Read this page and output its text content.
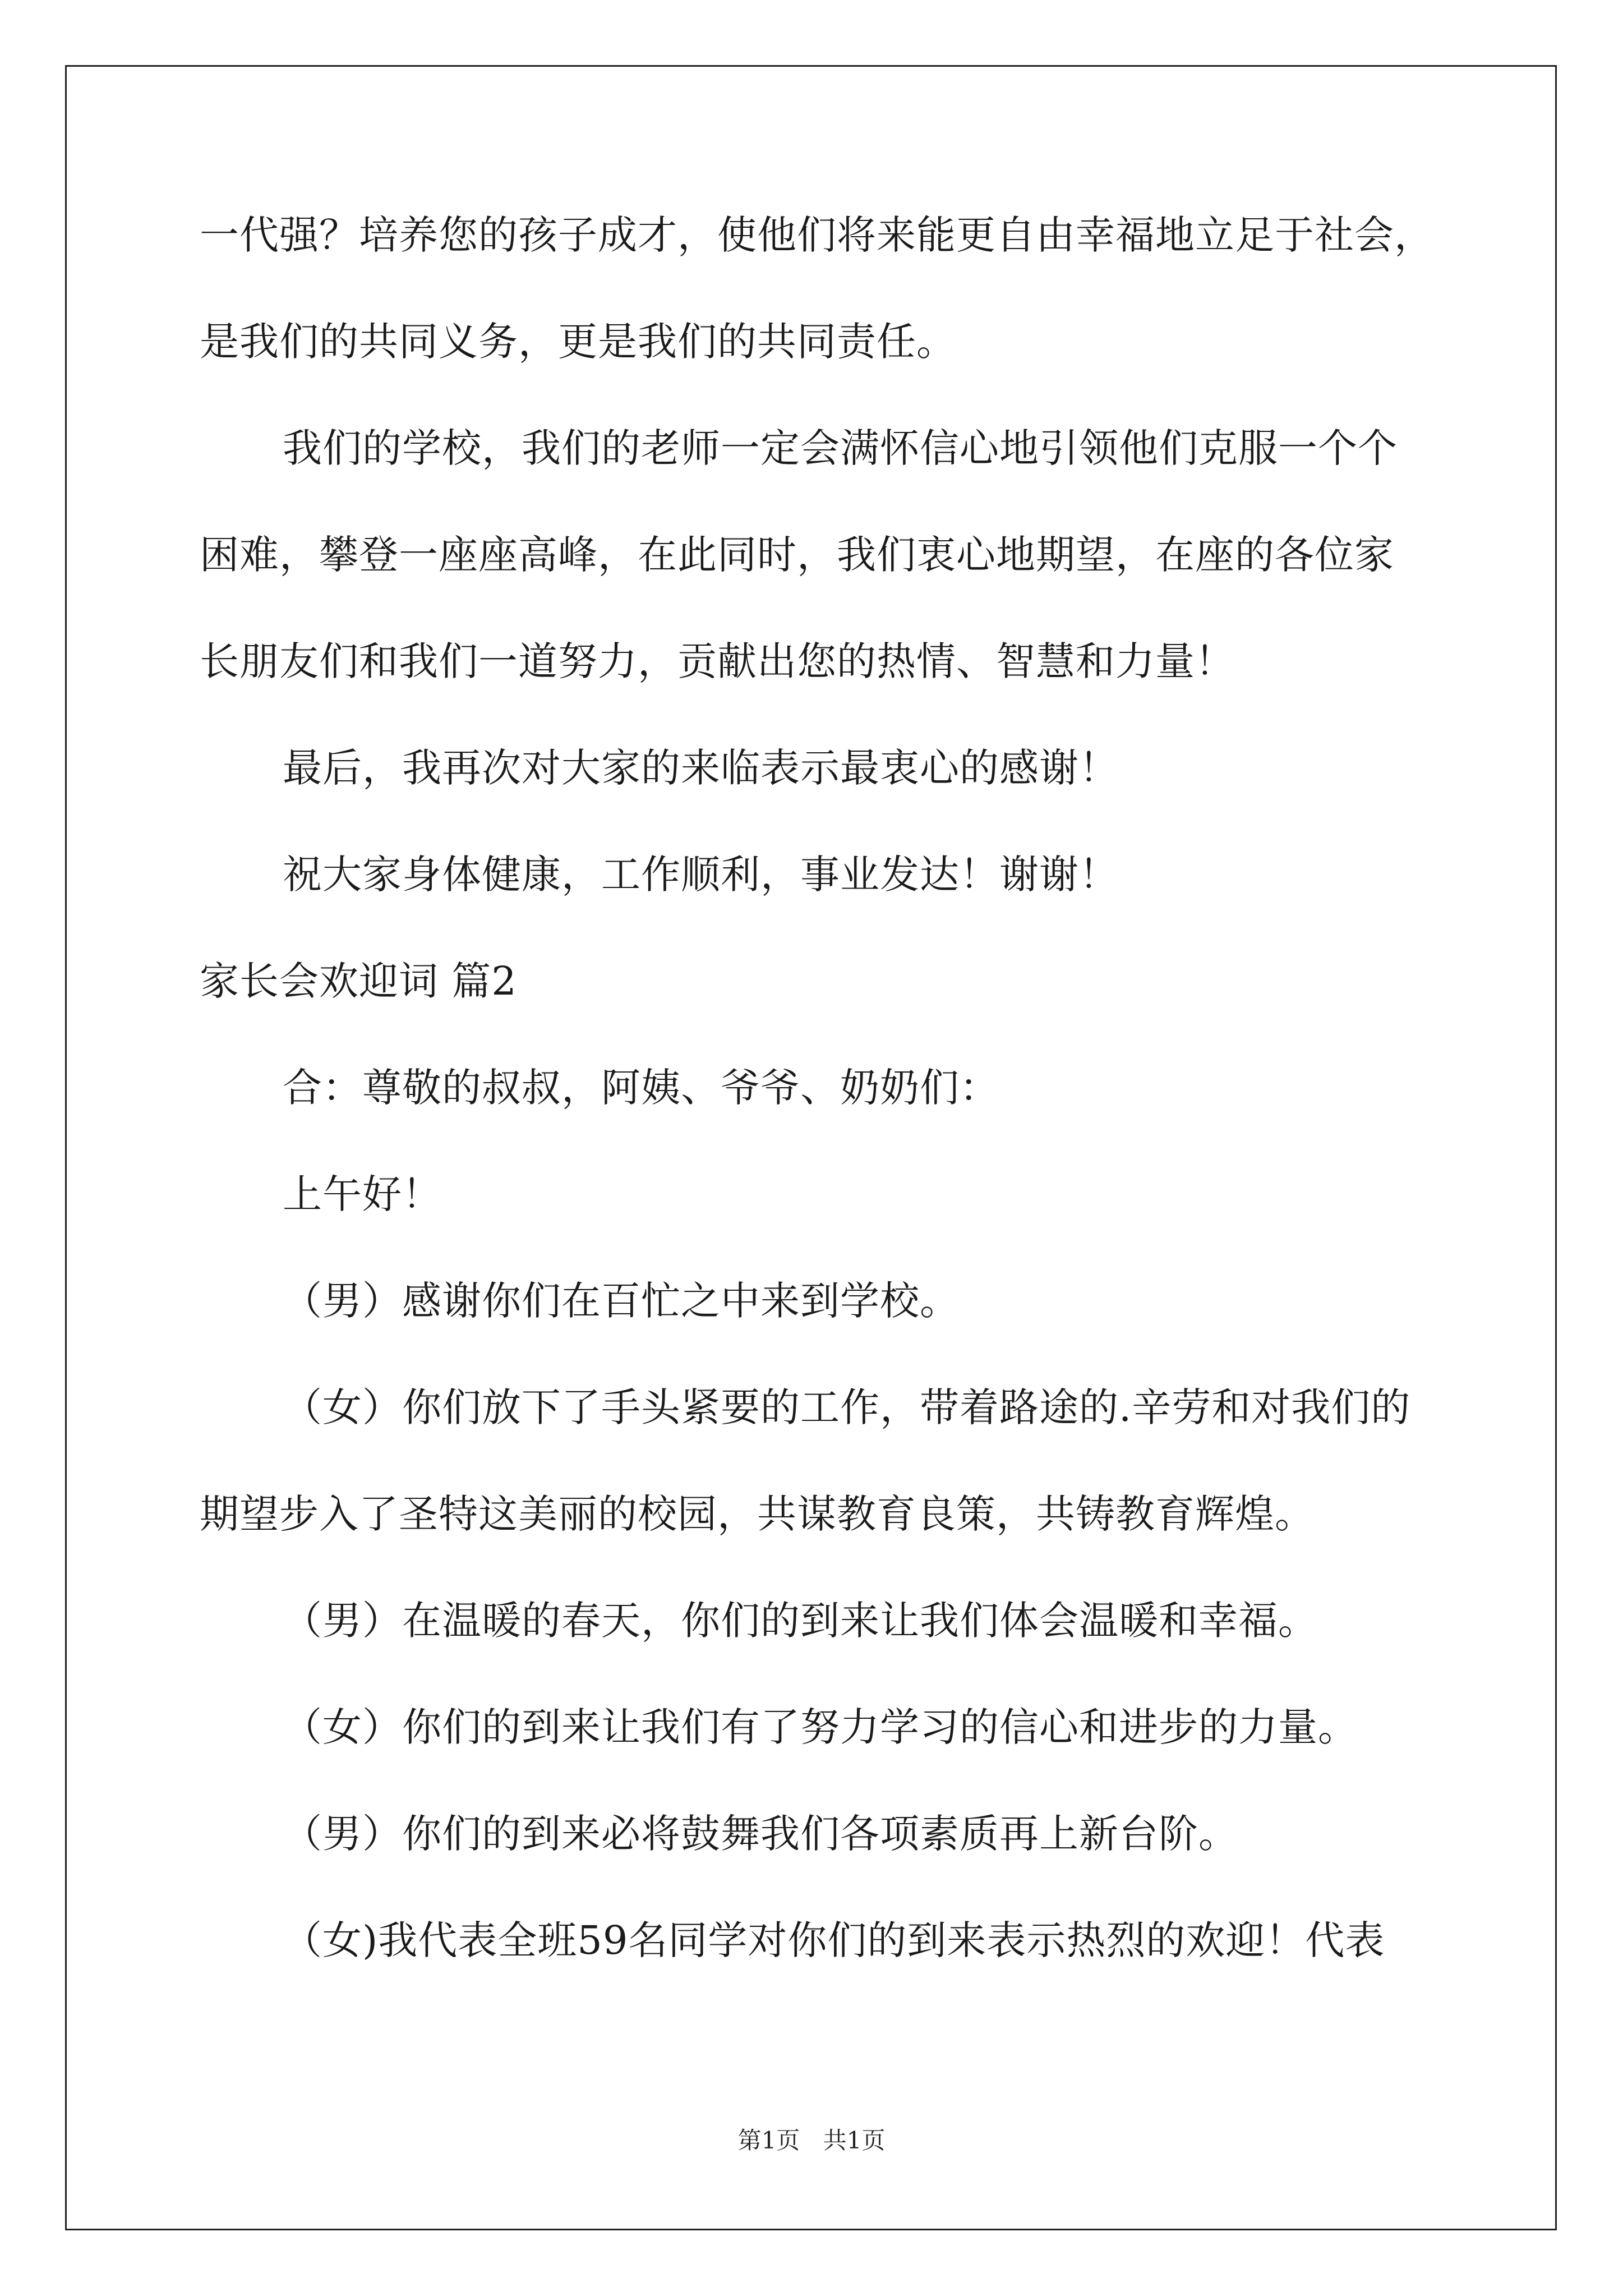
一代强？培养您的孩子成才，使他们将来能更自由幸福地立足于社会，
是我们的共同义务，更是我们的共同责任。
我们的学校，我们的老师一定会满怀信心地引领他们克服一个个
困难，攀登一座座高峰，在此同时，我们衷心地期望，在座的各位家
长朋友们和我们一道努力，贡献出您的热情、智慧和力量！
最后，我再次对大家的来临表示最衷心的感谢！
祝大家身体健康，工作顺利，事业发达！谢谢！
家长会欢迎词 篇2
合：尊敬的叔叔，阿姨、爷爷、奶奶们：
上午好！
（男）感谢你们在百忙之中来到学校。
（女）你们放下了手头紧要的工作，带着路途的.辛劳和对我们的
期望步入了圣特这美丽的校园，共谋教育良策，共铸教育辉煌。
（男）在温暖的春天，你们的到来让我们体会温暖和幸福。
（女）你们的到来让我们有了努力学习的信心和进步的力量。
（男）你们的到来必将鼓舞我们各项素质再上新台阶。
（女)我代表全班59名同学对你们的到来表示热烈的欢迎！代表
第1页 共1页
